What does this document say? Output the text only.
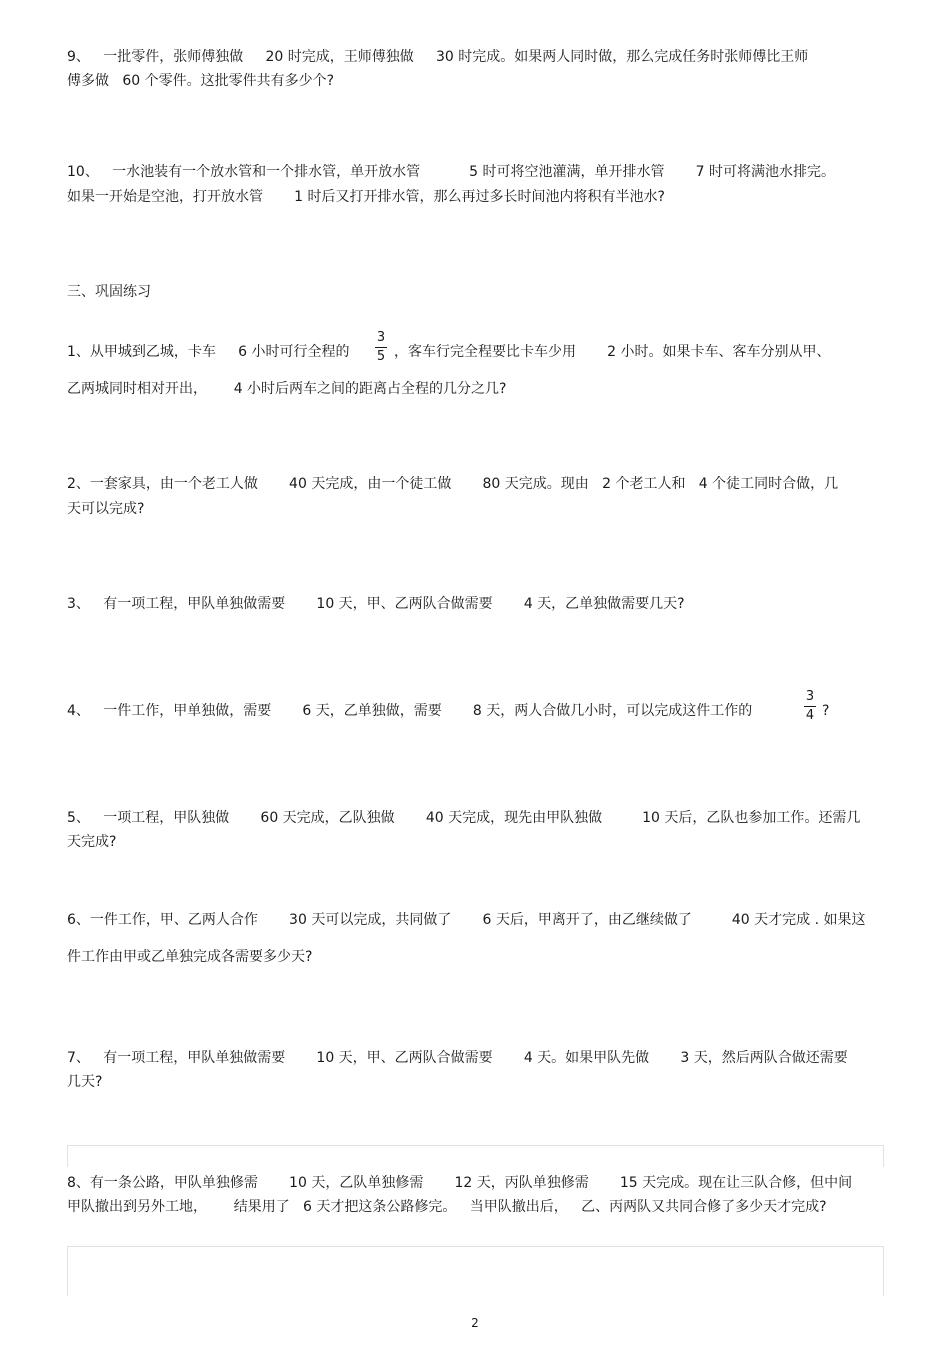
9、   一批零件，张师傅独做     20 时完成，王师傅独做     30 时完成。如果两人同时做，那么完成任务时张师傅比王师
傅多做   60 个零件。这批零件共有多少个?
10、   一水池装有一个放水管和一个排水管，单开放水管           5 时可将空池灌满，单开排水管       7 时可将满池水排完。
如果一开始是空池，打开放水管       1 时后又打开排水管，那么再过多长时间池内将积有半池水?
三、巩固练习
1、从甲城到乙城，卡车     6 小时可行全程的
3
5 ，客车行完全程要比卡车少用       2 小时。如果卡车、客车分别从甲、
乙两城同时相对开出，      4 小时后两车之间的距离占全程的几分之几?
2、一套家具，由一个老工人做       40 天完成，由一个徒工做       80 天完成。现由   2 个老工人和   4 个徒工同时合做，几
天可以完成?
3、   有一项工程，甲队单独做需要       10 天，甲、乙两队合做需要       4 天，乙单独做需要几天?
4、   一件工作，甲单独做，需要       6 天，乙单独做，需要       8 天，两人合做几小时，可以完成这件工作的
3
4 ?
5、   一项工程，甲队独做       60 天完成，乙队独做       40 天完成，现先由甲队独做         10 天后，乙队也参加工作。还需几
天完成?
6、一件工作，甲、乙两人合作       30 天可以完成，共同做了       6 天后，甲离开了，由乙继续做了         40 天才完成 . 如果这
件工作由甲或乙单独完成各需要多少天?
7、   有一项工程，甲队单独做需要       10 天，甲、乙两队合做需要       4 天。如果甲队先做       3 天，然后两队合做还需要
几天?
8、有一条公路，甲队单独修需       10 天，乙队单独修需       12 天，丙队单独修需       15 天完成。现在让三队合修，但中间
甲队撤出到另外工地，      结果用了   6 天才把这条公路修完。   当甲队撤出后，   乙、丙两队又共同合修了多少天才完成?
2
